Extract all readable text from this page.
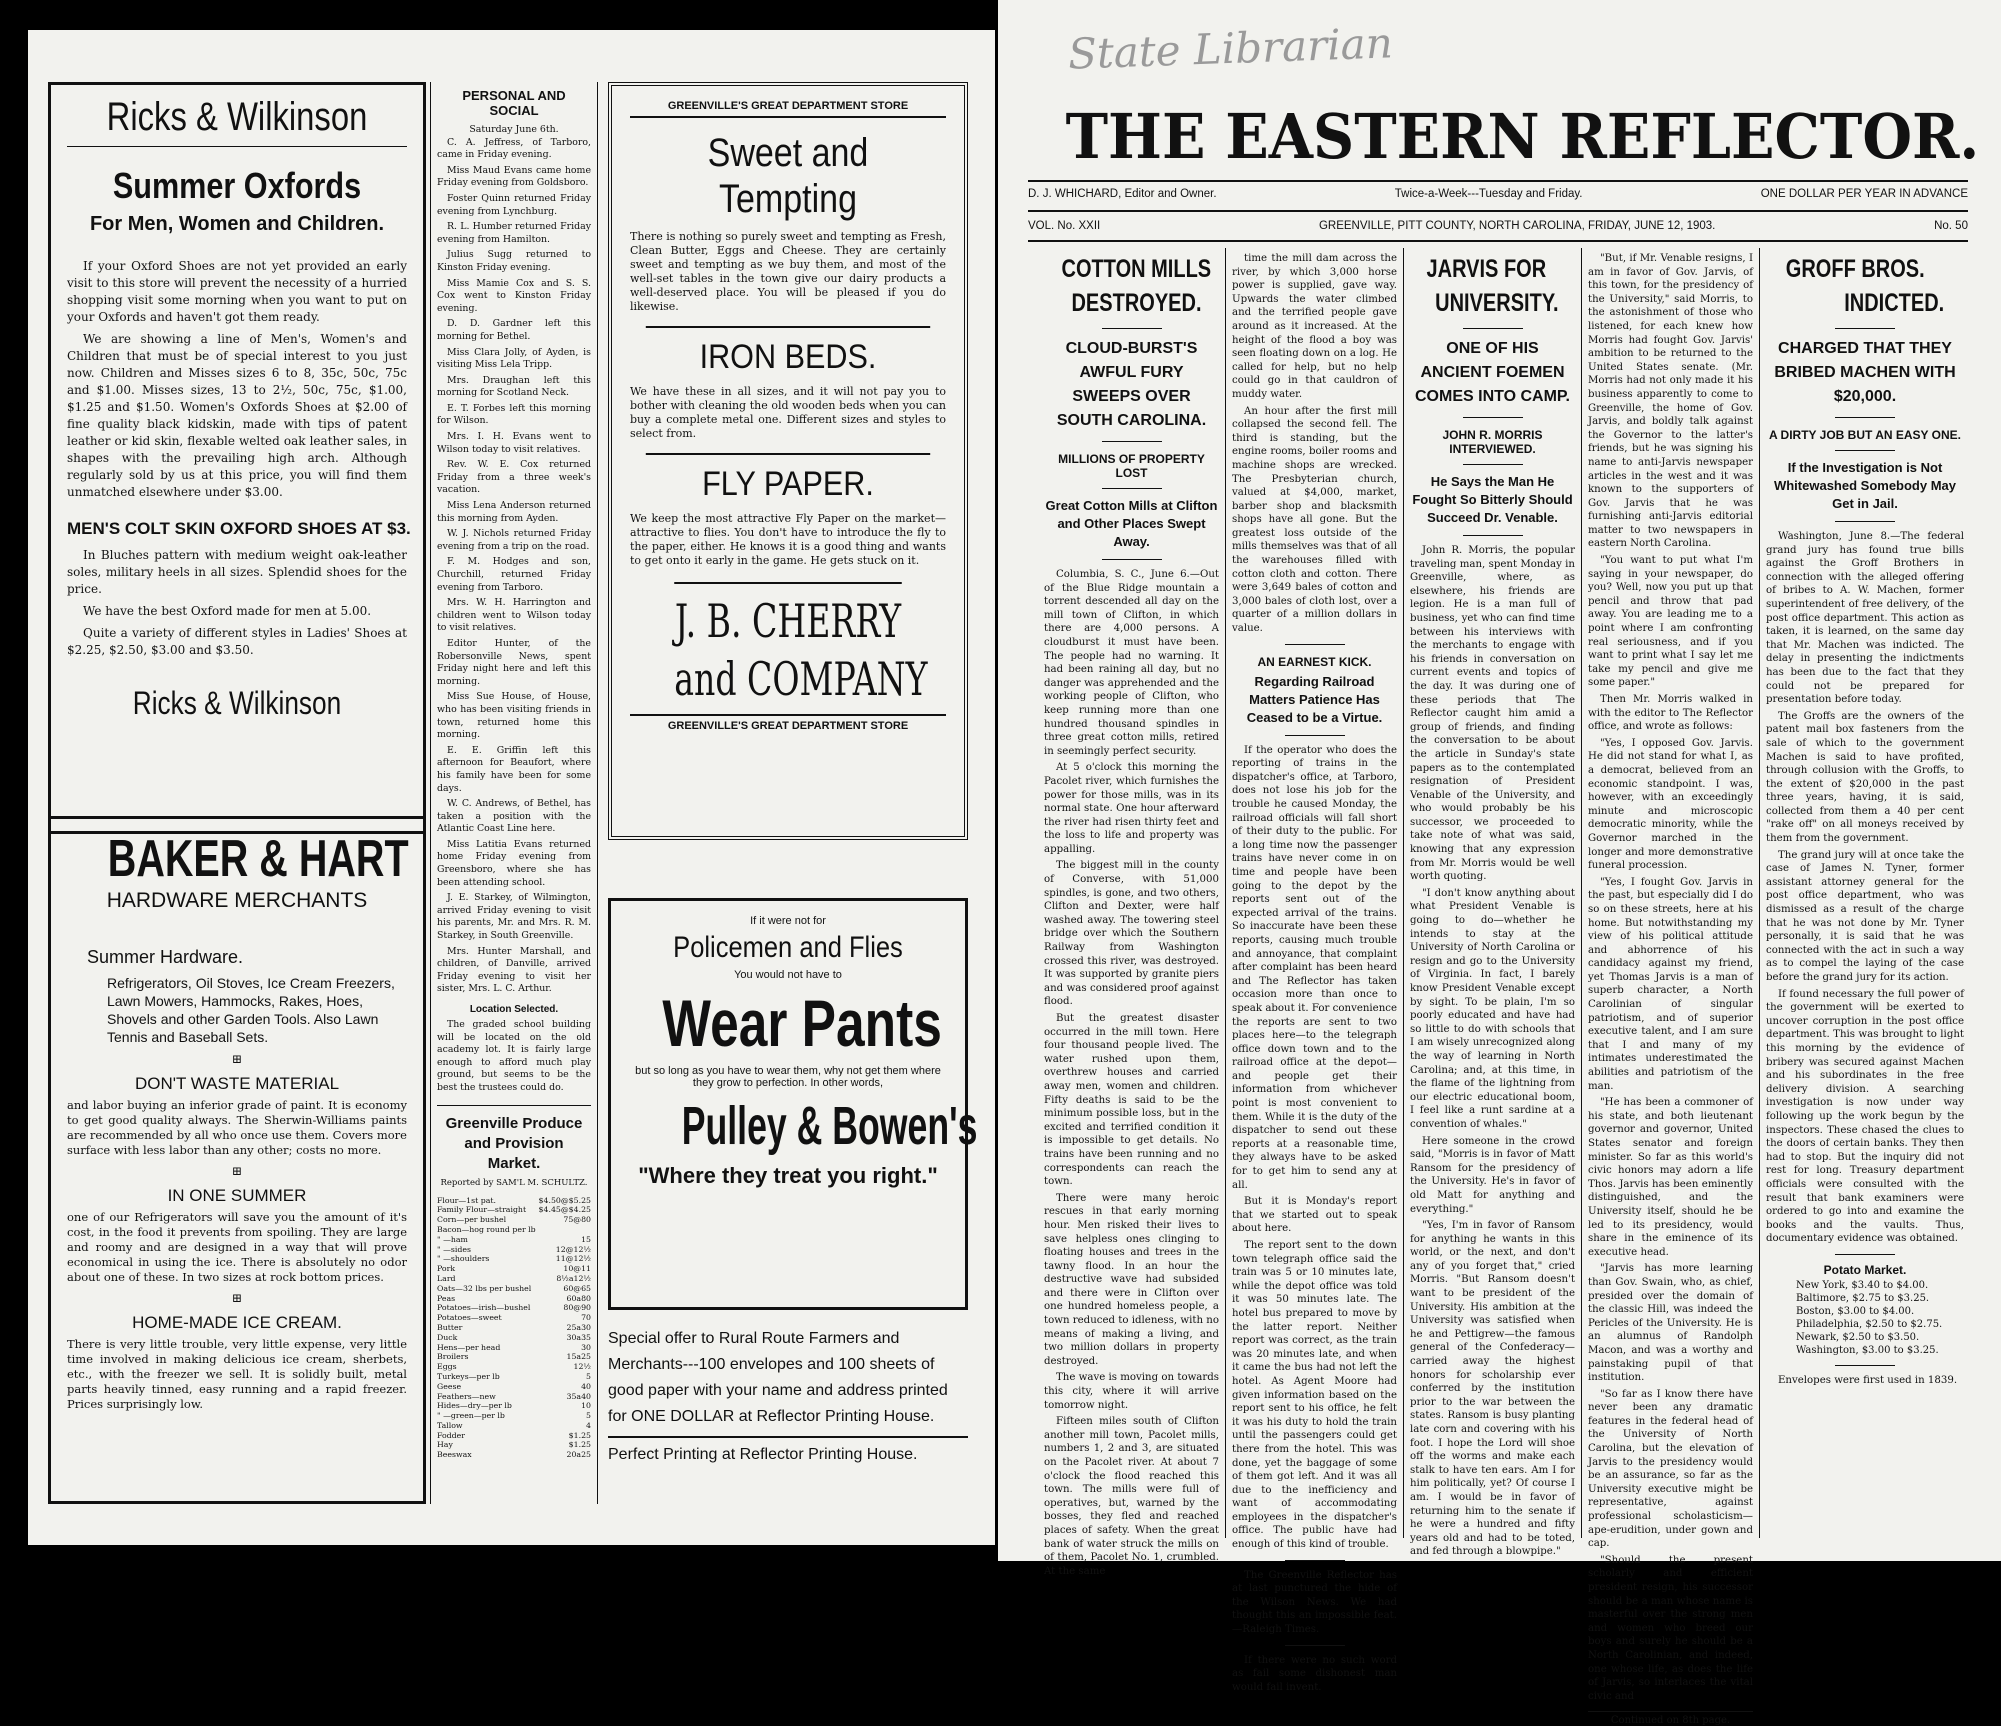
Ricks & Wilkinson
Summer Oxfords
For Men, Women and Children.

If your Oxford Shoes are not yet provided an early visit to this store will prevent the necessity of a hurried shopping visit some morning when you want to put on your Oxfords and haven't got them ready.

We are showing a line of Men's, Women's and Children that must be of special interest to you just now. Children and Misses sizes 6 to 8, 35c, 50c, 75c and $1.00. Misses sizes, 13 to 2½, 50c, 75c, $1.00, $1.25 and $1.50. Women's Oxfords Shoes at $2.00 of fine quality black kidskin, made with tips of patent leather or kid skin, flexable welted oak leather sales, in shapes with the prevailing high arch. Although regularly sold by us at this price, you will find them unmatched elsewhere under $3.00.

MEN'S COLT SKIN OXFORD SHOES AT $3.

In Bluches pattern with medium weight oak-leather soles, military heels in all sizes. Splendid shoes for the price.

We have the best Oxford made for men at 5.00.

Quite a variety of different styles in Ladies' Shoes at $2.25, $2.50, $3.00 and $3.50.

Ricks & Wilkinson
BAKER & HART
HARDWARE MERCHANTS
Summer Hardware.
Refrigerators, Oil Stoves, Ice Cream Freezers, Lawn Mowers, Hammocks, Rakes, Hoes, Shovels and other Garden Tools. Also Lawn Tennis and Baseball Sets.
⊞
DON'T WASTE MATERIAL
and labor buying an inferior grade of paint. It is economy to get good quality always. The Sherwin-Williams paints are recommended by all who once use them. Covers more surface with less labor than any other; costs no more.
⊞
IN ONE SUMMER
one of our Refrigerators will save you the amount of it's cost, in the food it prevents from spoiling. They are large and roomy and are designed in a way that will prove economical in using the ice. There is absolutely no odor about one of these. In two sizes at rock bottom prices.
⊞
HOME-MADE ICE CREAM.
There is very little trouble, very little expense, very little time involved in making delicious ice cream, sherbets, etc., with the freezer we sell. It is solidly built, metal parts heavily tinned, easy running and a rapid freezer. Prices surprisingly low.
PERSONAL AND SOCIAL
Saturday June 6th.

C. A. Jeffress, of Tarboro, came in Friday evening.

Miss Maud Evans came home Friday evening from Goldsboro.

Foster Quinn returned Friday evening from Lynchburg.

R. L. Humber returned Friday evening from Hamilton.

Julius Sugg returned to Kinston Friday evening.

Miss Mamie Cox and S. S. Cox went to Kinston Friday evening.

D. D. Gardner left this morning for Bethel.

Miss Clara Jolly, of Ayden, is visiting Miss Lela Tripp.

Mrs. Draughan left this morning for Scotland Neck.

E. T. Forbes left this morning for Wilson.

Mrs. I. H. Evans went to Wilson today to visit relatives.

Rev. W. E. Cox returned Friday from a three week's vacation.

Miss Lena Anderson returned this morning from Ayden.

W. J. Nichols returned Friday evening from a trip on the road.

F. M. Hodges and son, Churchill, returned Friday evening from Tarboro.

Mrs. W. H. Harrington and children went to Wilson today to visit relatives.

Editor Hunter, of the Robersonville News, spent Friday night here and left this morning.

Miss Sue House, of House, who has been visiting friends in town, returned home this morning.

E. E. Griffin left this afternoon for Beaufort, where his family have been for some days.

W. C. Andrews, of Bethel, has taken a position with the Atlantic Coast Line here.

Miss Latitia Evans returned home Friday evening from Greensboro, where she has been attending school.

J. E. Starkey, of Wilmington, arrived Friday evening to visit his parents, Mr. and Mrs. R. M. Starkey, in South Greenville.

Mrs. Hunter Marshall, and children, of Danville, arrived Friday evening to visit her sister, Mrs. L. C. Arthur.

Location Selected.

The graded school building will be located on the old academy lot. It is fairly large enough to afford much play ground, but seems to be the best the trustees could do.

Greenville Produce and Provision Market.
Reported by SAM'L M. SCHULTZ.
Flour—1st pat.	$4.50@$5.25
Family Flour—straight	$4.45@$4.25
Corn—per bushel	75@80
Bacon—hog round per lb	
" —ham	15
" —sides	12@12½
" —shoulders	11@12½
Pork	10@11
Lard	8½a12½
Oats—32 lbs per bushel	60@65
Peas	60a80
Potatoes—irish—bushel	80@90
Potatoes—sweet	70
Butter	25a30
Duck	30a35
Hens—per head	30
Broilers	15a25
Eggs	12½
Turkeys—per lb	5
Geese	40
Feathers—new	35a40
Hides—dry—per lb	10
" —green—per lb	5
Tallow	4
Fodder	$1.25
Hay	$1.25
Beeswax	20a25
GREENVILLE'S GREAT DEPARTMENT STORE
Sweet and Tempting
There is nothing so purely sweet and tempting as Fresh, Clean Butter, Eggs and Cheese. They are certainly sweet and tempting as we buy them, and most of the well-set tables in the town give our dairy products a well-deserved place. You will be pleased if you do likewise.
IRON BEDS.
We have these in all sizes, and it will not pay you to bother with cleaning the old wooden beds when you can buy a complete metal one. Different sizes and styles to select from.
FLY PAPER.
We keep the most attractive Fly Paper on the market—attractive to flies. You don't have to introduce the fly to the paper, either. He knows it is a good thing and wants to get onto it early in the game. He gets stuck on it.
J. B. CHERRY
and COMPANY
GREENVILLE'S GREAT DEPARTMENT STORE
If it were not for
Policemen and Flies
You would not have to
Wear Pants
but so long as you have to wear them, why not get them where they grow to perfection. In other words,
Pulley & Bowen's
"Where they treat you right."
Special offer to Rural Route Farmers and Merchants---100 envelopes and 100 sheets of good paper with your name and address printed for ONE DOLLAR at Reflector Printing House.
Perfect Printing at Reflector Printing House.
State Librarian
THE EASTERN REFLECTOR.
D. J. WHICHARD, Editor and Owner.	Twice-a-Week---Tuesday and Friday.	ONE DOLLAR PER YEAR IN ADVANCE
VOL. No. XXII	GREENVILLE, PITT COUNTY, NORTH CAROLINA, FRIDAY, JUNE 12, 1903.	No. 50
COTTON MILLS
DESTROYED.
CLOUD-BURST'S AWFUL FURY SWEEPS OVER SOUTH CAROLINA.
MILLIONS OF PROPERTY LOST
Great Cotton Mills at Clifton and Other Places Swept Away.

Columbia, S. C., June 6.—Out of the Blue Ridge mountain a torrent descended all day on the mill town of Clifton, in which there are 4,000 persons. A cloudburst it must have been. The people had no warning. It had been raining all day, but no danger was apprehended and the working people of Clifton, who keep running more than one hundred thousand spindles in three great cotton mills, retired in seemingly perfect security.

At 5 o'clock this morning the Pacolet river, which furnishes the power for those mills, was in its normal state. One hour afterward the river had risen thirty feet and the loss to life and property was appalling.

The biggest mill in the county of Converse, with 51,000 spindles, is gone, and two others, Clifton and Dexter, were half washed away. The towering steel bridge over which the Southern Railway from Washington crossed this river, was destroyed. It was supported by granite piers and was considered proof against flood.

But the greatest disaster occurred in the mill town. Here four thousand people lived. The water rushed upon them, overthrew houses and carried away men, women and children. Fifty deaths is said to be the minimum possible loss, but in the excited and terrified condition it is impossible to get details. No trains have been running and no correspondents can reach the town.

There were many heroic rescues in that early morning hour. Men risked their lives to save helpless ones clinging to floating houses and trees in the tawny flood. In an hour the destructive wave had subsided and there were in Clifton over one hundred homeless people, a town reduced to idleness, with no means of making a living, and two million dollars in property destroyed.

The wave is moving on towards this city, where it will arrive tomorrow night.

Fifteen miles south of Clifton another mill town, Pacolet mills, numbers 1, 2 and 3, are situated on the Pacolet river. At about 7 o'clock the flood reached this town. The mills were full of operatives, but, warned by the bosses, they fled and reached places of safety. When the great bank of water struck the mills on of them, Pacolet No. 1, crumbled. At the same

time the mill dam across the river, by which 3,000 horse power is supplied, gave way. Upwards the water climbed and the terrified people gave around as it increased. At the height of the flood a boy was seen floating down on a log. He called for help, but no help could go in that cauldron of muddy water.

An hour after the first mill collapsed the second fell. The third is standing, but the engine rooms, boiler rooms and machine shops are wrecked. The Presbyterian church, valued at $4,000, market, barber shop and blacksmith shops have all gone. But the greatest loss outside of the mills themselves was that of all the warehouses filled with cotton cloth and cotton. There were 3,649 bales of cotton and 3,000 bales of cloth lost, over a quarter of a million dollars in value.

AN EARNEST KICK.
Regarding Railroad Matters Patience Has Ceased to be a Virtue.

If the operator who does the reporting of trains in the dispatcher's office, at Tarboro, does not lose his job for the trouble he caused Monday, the railroad officials will fall short of their duty to the public. For a long time now the passenger trains have never come in on time and people have been going to the depot by the reports sent out of the expected arrival of the trains. So inaccurate have been these reports, causing much trouble and annoyance, that complaint after complaint has been heard and The Reflector has taken occasion more than once to speak about it. For convenience the reports are sent to two places here—to the telegraph office down town and to the railroad office at the depot—and people get their information from whichever point is most convenient to them. While it is the duty of the dispatcher to send out these reports at a reasonable time, they always have to be asked for to get him to send any at all.

But it is Monday's report that we started out to speak about here.

The report sent to the down town telegraph office said the train was 5 or 10 minutes late, while the depot office was told it was 50 minutes late. The hotel bus prepared to move by the latter report. Neither report was correct, as the train was 20 minutes late, and when it came the bus had not left the hotel. As Agent Moore had given information based on the report sent to his office, he felt it was his duty to hold the train until the passengers could get there from the hotel. This was done, yet the baggage of some of them got left. And it was all due to the inefficiency and want of accommodating employees in the dispatcher's office. The public have had enough of this kind of trouble.

The Greenville Reflector has at last punctured the hide of the Wilson News. We had thought this an impossible feat.—Raleigh Times.

If there were no such word as fail some dishonest man would fail invent.

JARVIS FOR
UNIVERSITY.
ONE OF HIS ANCIENT FOEMEN COMES INTO CAMP.
JOHN R. MORRIS INTERVIEWED.
He Says the Man He Fought So Bitterly Should Succeed Dr. Venable.

John R. Morris, the popular traveling man, spent Monday in Greenville, where, as elsewhere, his friends are legion. He is a man full of business, yet who can find time between his interviews with the merchants to engage with his friends in conversation on current events and topics of the day. It was during one of these periods that The Reflector caught him amid a group of friends, and finding the conversation to be about the article in Sunday's state papers as to the contemplated resignation of President Venable of the University, and who would probably be his successor, we proceeded to take note of what was said, knowing that any expression from Mr. Morris would be well worth quoting.

"I don't know anything about what President Venable is going to do—whether he intends to stay at the University of North Carolina or resign and go to the University of Virginia. In fact, I barely know President Venable except by sight. To be plain, I'm so poorly educated and have had so little to do with schools that I am wisely unrecognized along the way of learning in North Carolina; and, at this time, in the flame of the lightning from our electric educational boom, I feel like a runt sardine at a convention of whales."

Here someone in the crowd said, "Morris is in favor of Matt Ransom for the presidency of the University. He's in favor of old Matt for anything and everything."

"Yes, I'm in favor of Ransom for anything he wants in this world, or the next, and don't any of you forget that," cried Morris. "But Ransom doesn't want to be president of the University. His ambition at the University was satisfied when he and Pettigrew—the famous general of the Confederacy—carried away the highest honors for scholarship ever conferred by the institution prior to the war between the states. Ransom is busy planting late corn and covering with his foot. I hope the Lord will shoe off the worms and make each stalk to have ten ears. Am I for him politically, yet? Of course I am. I would be in favor of returning him to the senate if he were a hundred and fifty years old and had to be toted, and fed through a blowpipe."

"But, if Mr. Venable resigns, I am in favor of Gov. Jarvis, of this town, for the presidency of the University," said Morris, to the astonishment of those who listened, for each knew how Morris had fought Gov. Jarvis' ambition to be returned to the United States senate. (Mr. Morris had not only made it his business apparently to come to Greenville, the home of Gov. Jarvis, and boldly talk against the Governor to the latter's friends, but he was signing his name to anti-Jarvis newspaper articles in the west and it was known to the supporters of Gov. Jarvis that he was furnishing anti-Jarvis editorial matter to two newspapers in eastern North Carolina.

"You want to put what I'm saying in your newspaper, do you? Well, now you put up that pencil and throw that pad away. You are leading me to a point where I am confronting real seriousness, and if you want to print what I say let me take my pencil and give me some paper."

Then Mr. Morris walked in with the editor to The Reflector office, and wrote as follows:

"Yes, I opposed Gov. Jarvis. He did not stand for what I, as a democrat, believed from an economic standpoint. I was, however, with an exceedingly minute and microscopic democratic minority, while the Governor marched in the longer and more demonstrative funeral procession.

"Yes, I fought Gov. Jarvis in the past, but especially did I do so on these streets, here at his home. But notwithstanding my view of his political attitude and abhorrence of his candidacy against my friend, yet Thomas Jarvis is a man of superb character, a North Carolinian of singular patriotism, and of superior executive talent, and I am sure that I and many of my intimates underestimated the abilities and patriotism of the man.

"He has been a commoner of his state, and both lieutenant governor and governor, United States senator and foreign minister. So far as this world's civic honors may adorn a life Thos. Jarvis has been eminently distinguished, and the University itself, should he be led to its presidency, would share in the eminence of its executive head.

"Jarvis has more learning than Gov. Swain, who, as chief, presided over the domain of the classic Hill, was indeed the Pericles of the University. He is an alumnus of Randolph Macon, and was a worthy and painstaking pupil of that institution.

"So far as I know there have never been any dramatic features in the federal head of the University of North Carolina, but the elevation of Jarvis to the presidency would be an assurance, so far as the University executive might be representative, against professional scholasticism—ape-erudition, under gown and cap.

"Should the present scholarly and efficient president resign, his successor should be a man whose name is masterful over the strong men and women who breed our boys and surely he should be a North Carolinian, and indeed, one whose life, as does the life of Jarvis, so interlaces the vital civic and

Continued on 8th page.
GROFF BROS.
INDICTED.
CHARGED THAT THEY BRIBED MACHEN WITH $20,000.
A DIRTY JOB BUT AN EASY ONE.
If the Investigation is Not Whitewashed Somebody May Get in Jail.

Washington, June 8.—The federal grand jury has found true bills against the Groff Brothers in connection with the alleged offering of bribes to A. W. Machen, former superintendent of free delivery, of the post office department. This action as taken, it is learned, on the same day that Mr. Machen was indicted. The delay in presenting the indictments has been due to the fact that they could not be prepared for presentation before today.

The Groffs are the owners of the patent mail box fasteners from the sale of which to the government Machen is said to have profited, through collusion with the Groffs, to the extent of $20,000 in the past three years, having, it is said, collected from them a 40 per cent "rake off" on all moneys received by them from the government.

The grand jury will at once take the case of James N. Tyner, former assistant attorney general for the post office department, who was dismissed as a result of the charge that he was not done by Mr. Tyner personally, it is said that he was connected with the act in such a way as to compel the laying of the case before the grand jury for its action.

If found necessary the full power of the government will be exerted to uncover corruption in the post office department. This was brought to light this morning by the evidence of bribery was secured against Machen and his subordinates in the free delivery division. A searching investigation is now under way following up the work begun by the inspectors. These chased the clues to the doors of certain banks. They then had to stop. But the inquiry did not rest for long. Treasury department officials were consulted with the result that bank examiners were ordered to go into and examine the books and the vaults. Thus, documentary evidence was obtained.

Potato Market.
New York, $3.40 to $4.00.
Baltimore, $2.75 to $3.25.
Boston, $3.00 to $4.00.
Philadelphia, $2.50 to $2.75.
Newark, $2.50 to $3.50.
Washington, $3.00 to $3.25.

Envelopes were first used in 1839.
